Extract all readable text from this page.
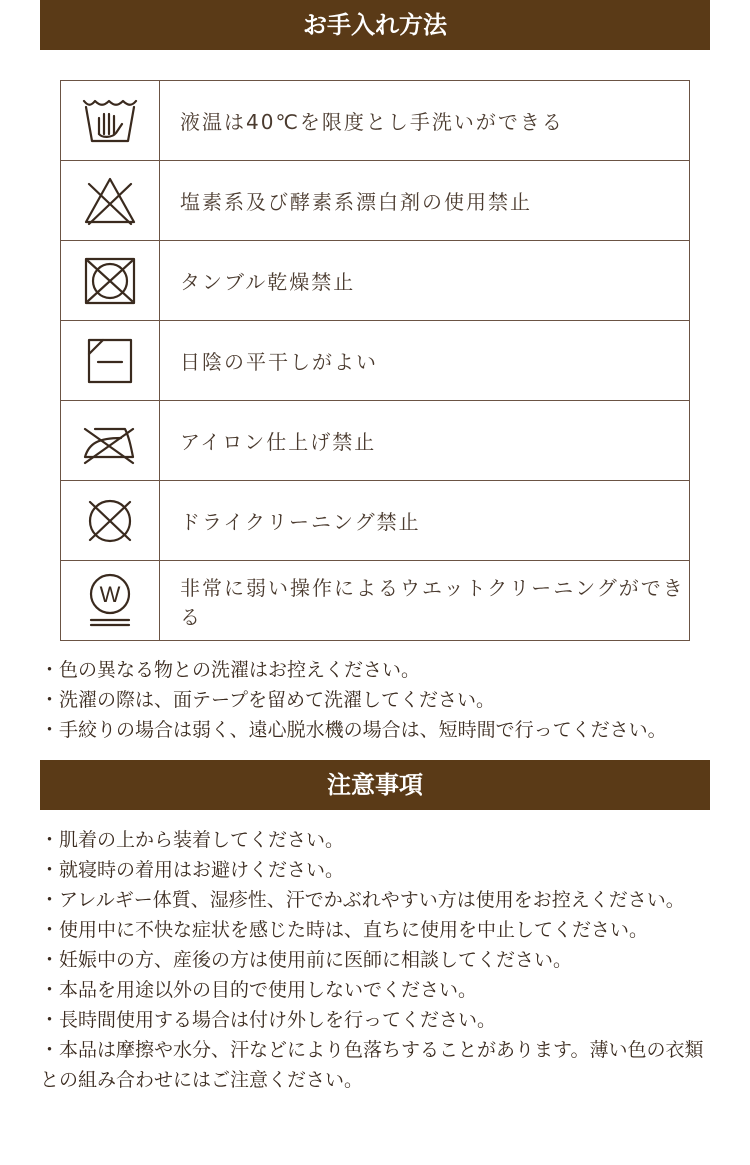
お手入れ方法
	液温は40℃を限度とし手洗いができる

	塩素系及び酵素系漂白剤の使用禁止

	タンブル乾燥禁止

	日陰の平干しがよい

	アイロン仕上げ禁止

	ドライクリーニング禁止

W	非常に弱い操作によるウエットクリーニングができる
・色の異なる物との洗濯はお控えください。
・洗濯の際は、面テープを留めて洗濯してください。
・手絞りの場合は弱く、遠心脱水機の場合は、短時間で行ってください。
注意事項
・肌着の上から装着してください。
・就寝時の着用はお避けください。
・アレルギー体質、湿疹性、汗でかぶれやすい方は使用をお控えください。
・使用中に不快な症状を感じた時は、直ちに使用を中止してください。
・妊娠中の方、産後の方は使用前に医師に相談してください。
・本品を用途以外の目的で使用しないでください。
・長時間使用する場合は付け外しを行ってください。
・本品は摩擦や水分、汗などにより色落ちすることがあります。薄い色の衣類との組み合わせにはご注意ください。
